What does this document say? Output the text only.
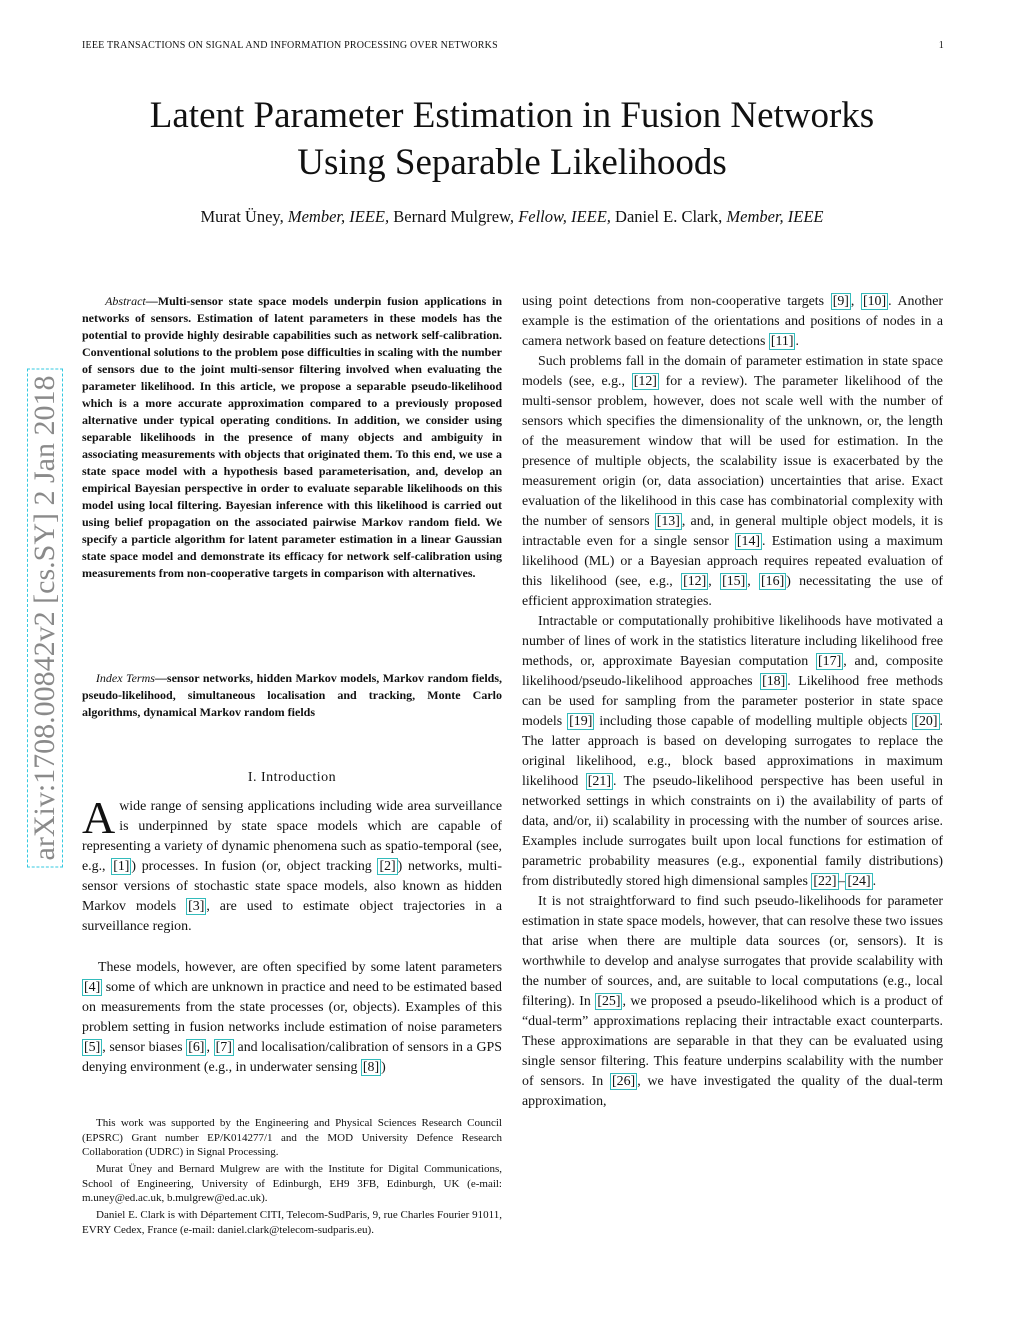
IEEE TRANSACTIONS ON SIGNAL AND INFORMATION PROCESSING OVER NETWORKS	1
arXiv:1708.00842v2 [cs.SY] 2 Jan 2018
Latent Parameter Estimation in Fusion Networks
Using Separable Likelihoods
Murat Üney, Member, IEEE, Bernard Mulgrew, Fellow, IEEE, Daniel E. Clark, Member, IEEE
Abstract—Multi-sensor state space models underpin fusion applications in networks of sensors. Estimation of latent parameters in these models has the potential to provide highly desirable capabilities such as network self-calibration. Conventional solutions to the problem pose difficulties in scaling with the number of sensors due to the joint multi-sensor filtering involved when evaluating the parameter likelihood. In this article, we propose a separable pseudo-likelihood which is a more accurate approximation compared to a previously proposed alternative under typical operating conditions. In addition, we consider using separable likelihoods in the presence of many objects and ambiguity in associating measurements with objects that originated them. To this end, we use a state space model with a hypothesis based parameterisation, and, develop an empirical Bayesian perspective in order to evaluate separable likelihoods on this model using local filtering. Bayesian inference with this likelihood is carried out using belief propagation on the associated pairwise Markov random field. We specify a particle algorithm for latent parameter estimation in a linear Gaussian state space model and demonstrate its efficacy for network self-calibration using measurements from non-cooperative targets in comparison with alternatives.
Index Terms—sensor networks, hidden Markov models, Markov random fields, pseudo-likelihood, simultaneous localisation and tracking, Monte Carlo algorithms, dynamical Markov random fields
I. Introduction
Awide range of sensing applications including wide area surveillance is underpinned by state space models which are capable of representing a variety of dynamic phenomena such as spatio-temporal (see, e.g., [1] ) processes. In fusion (or, object tracking [2] ) networks, multi-sensor versions of stochastic state space models, also known as hidden Markov models [3] , are used to estimate object trajectories in a surveillance region.
These models, however, are often specified by some latent parameters [4] some of which are unknown in practice and need to be estimated based on measurements from the state processes (or, objects). Examples of this problem setting in fusion networks include estimation of noise parameters [5] , sensor biases [6] , [7] and localisation/calibration of sensors in a GPS denying environment (e.g., in underwater sensing [8] )
This work was supported by the Engineering and Physical Sciences Research Council (EPSRC) Grant number EP/K014277/1 and the MOD University Defence Research Collaboration (UDRC) in Signal Processing.
Murat Üney and Bernard Mulgrew are with the Institute for Digital Communications, School of Engineering, University of Edinburgh, EH9 3FB, Edinburgh, UK (e-mail: m.uney@ed.ac.uk, b.mulgrew@ed.ac.uk).
Daniel E. Clark is with Département CITI, Telecom-SudParis, 9, rue Charles Fourier 91011, EVRY Cedex, France (e-mail: daniel.clark@telecom-sudparis.eu).

using point detections from non-cooperative targets [9] , [10] . Another example is the estimation of the orientations and positions of nodes in a camera network based on feature detections [11] .

Such problems fall in the domain of parameter estimation in state space models (see, e.g., [12] for a review). The parameter likelihood of the multi-sensor problem, however, does not scale well with the number of sensors which specifies the dimensionality of the unknown, or, the length of the measurement window that will be used for estimation. In the presence of multiple objects, the scalability issue is exacerbated by the measurement origin (or, data association) uncertainties that arise. Exact evaluation of the likelihood in this case has combinatorial complexity with the number of sensors [13] , and, in general multiple object models, it is intractable even for a single sensor [14] . Estimation using a maximum likelihood (ML) or a Bayesian approach requires repeated evaluation of this likelihood (see, e.g., [12] , [15] , [16] ) necessitating the use of efficient approximation strategies.

Intractable or computationally prohibitive likelihoods have motivated a number of lines of work in the statistics literature including likelihood free methods, or, approximate Bayesian computation [17] , and, composite likelihood/pseudo-likelihood approaches [18] . Likelihood free methods can be used for sampling from the parameter posterior in state space models [19] including those capable of modelling multiple objects [20] . The latter approach is based on developing surrogates to replace the original likelihood, e.g., block based approximations in maximum likelihood [21] . The pseudo-likelihood perspective has been useful in networked settings in which constraints on i) the availability of parts of data, and/or, ii) scalability in processing with the number of sources arise. Examples include surrogates built upon local functions for estimation of parametric probability measures (e.g., exponential family distributions) from distributedly stored high dimensional samples [22] – [24] .

It is not straightforward to find such pseudo-likelihoods for parameter estimation in state space models, however, that can resolve these two issues that arise when there are multiple data sources (or, sensors). It is worthwhile to develop and analyse surrogates that provide scalability with the number of sources, and, are suitable to local computations (e.g., local filtering). In [25] , we proposed a pseudo-likelihood which is a product of “dual-term” approximations replacing their intractable exact counterparts. These approximations are separable in that they can be evaluated using single sensor filtering. This feature underpins scalability with the number of sensors. In [26] , we have investigated the quality of the dual-term approximation,
